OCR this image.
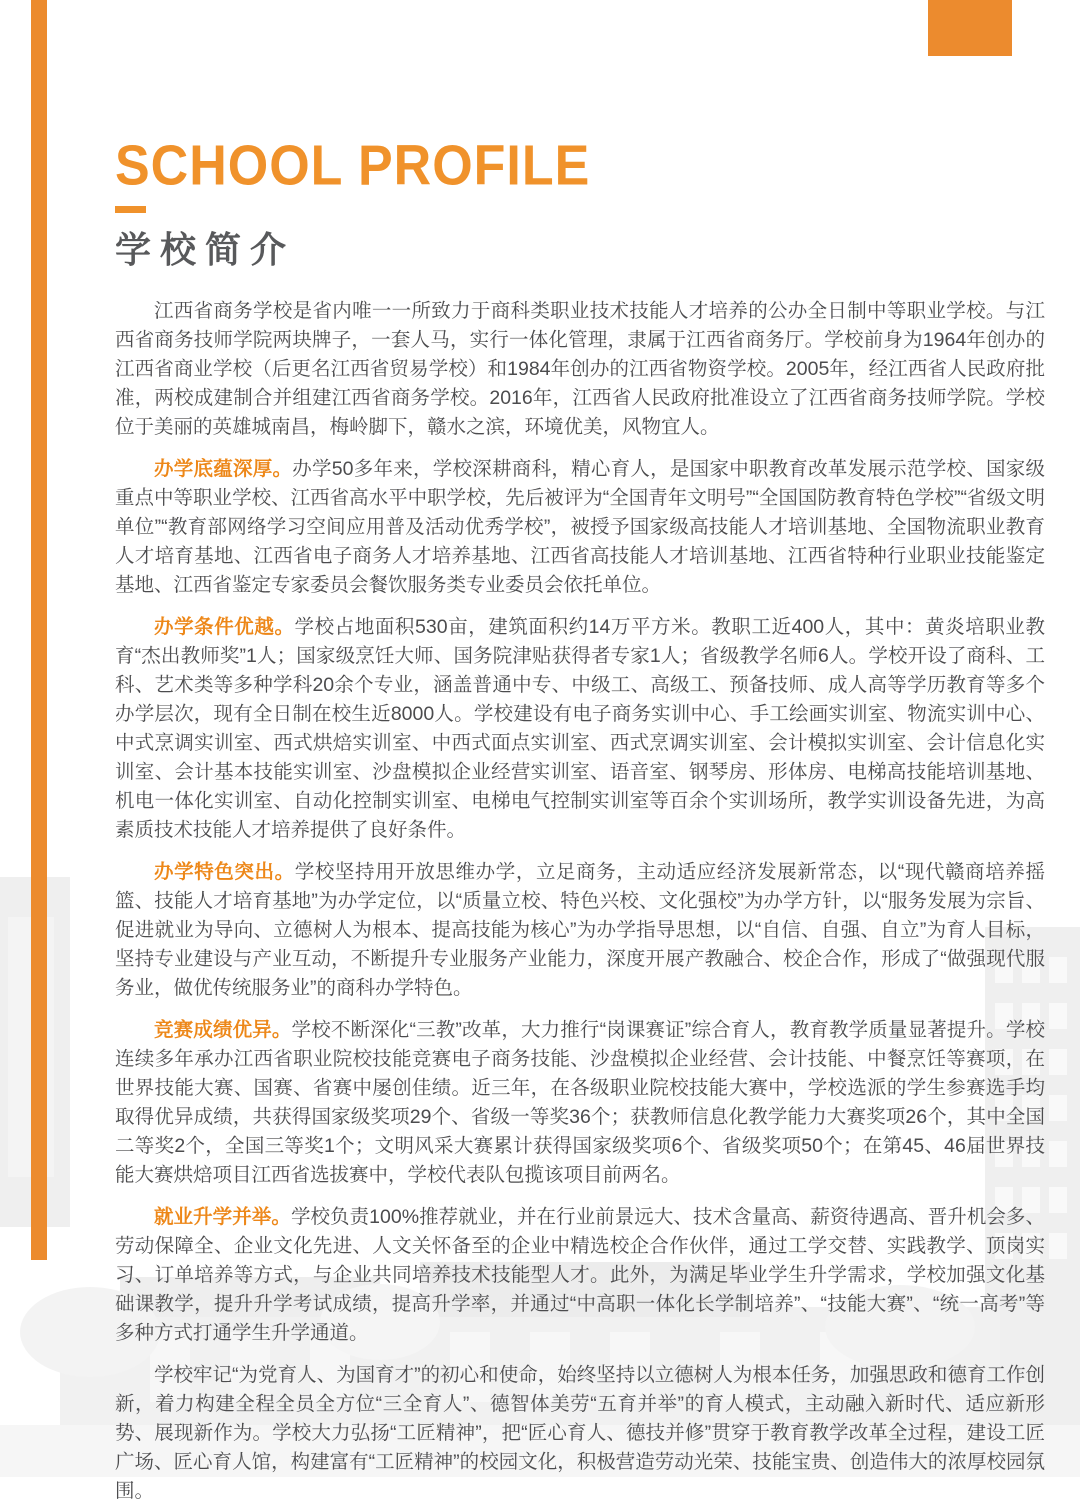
SCHOOL PROFILE
学校简介

江西省商务学校是省内唯一一所致力于商科类职业技术技能人才培养的公办全日制中等职业学校。与江西省商务技师学院两块牌子，一套人马，实行一体化管理，隶属于江西省商务厅。学校前身为1964年创办的江西省商业学校（后更名江西省贸易学校）和1984年创办的江西省物资学校。2005年，经江西省人民政府批准，两校成建制合并组建江西省商务学校。2016年，江西省人民政府批准设立了江西省商务技师学院。学校位于美丽的英雄城南昌，梅岭脚下，赣水之滨，环境优美，风物宜人。

办学底蕴深厚。办学50多年来，学校深耕商科，精心育人，是国家中职教育改革发展示范学校、国家级重点中等职业学校、江西省高水平中职学校，先后被评为“全国青年文明号”“全国国防教育特色学校”“省级文明单位”“教育部网络学习空间应用普及活动优秀学校”，被授予国家级高技能人才培训基地、全国物流职业教育人才培育基地、江西省电子商务人才培养基地、江西省高技能人才培训基地、江西省特种行业职业技能鉴定基地、江西省鉴定专家委员会餐饮服务类专业委员会依托单位。

办学条件优越。学校占地面积530亩，建筑面积约14万平方米。教职工近400人，其中：黄炎培职业教育“杰出教师奖”1人；国家级烹饪大师、国务院津贴获得者专家1人；省级教学名师6人。学校开设了商科、工科、艺术类等多种学科20余个专业，涵盖普通中专、中级工、高级工、预备技师、成人高等学历教育等多个办学层次，现有全日制在校生近8000人。学校建设有电子商务实训中心、手工绘画实训室、物流实训中心、中式烹调实训室、西式烘焙实训室、中西式面点实训室、西式烹调实训室、会计模拟实训室、会计信息化实训室、会计基本技能实训室、沙盘模拟企业经营实训室、语音室、钢琴房、形体房、电梯高技能培训基地、机电一体化实训室、自动化控制实训室、电梯电气控制实训室等百余个实训场所，教学实训设备先进，为高素质技术技能人才培养提供了良好条件。

办学特色突出。学校坚持用开放思维办学，立足商务，主动适应经济发展新常态，以“现代赣商培养摇篮、技能人才培育基地”为办学定位，以“质量立校、特色兴校、文化强校”为办学方针，以“服务发展为宗旨、促进就业为导向、立德树人为根本、提高技能为核心”为办学指导思想，以“自信、自强、自立”为育人目标，坚持专业建设与产业互动，不断提升专业服务产业能力，深度开展产教融合、校企合作，形成了“做强现代服务业，做优传统服务业”的商科办学特色。

竞赛成绩优异。学校不断深化“三教”改革，大力推行“岗课赛证”综合育人，教育教学质量显著提升。学校连续多年承办江西省职业院校技能竞赛电子商务技能、沙盘模拟企业经营、会计技能、中餐烹饪等赛项，在世界技能大赛、国赛、省赛中屡创佳绩。近三年，在各级职业院校技能大赛中，学校选派的学生参赛选手均取得优异成绩，共获得国家级奖项29个、省级一等奖36个；获教师信息化教学能力大赛奖项26个，其中全国二等奖2个，全国三等奖1个；文明风采大赛累计获得国家级奖项6个、省级奖项50个；在第45、46届世界技能大赛烘焙项目江西省选拔赛中，学校代表队包揽该项目前两名。

就业升学并举。学校负责100%推荐就业，并在行业前景远大、技术含量高、薪资待遇高、晋升机会多、劳动保障全、企业文化先进、人文关怀备至的企业中精选校企合作伙伴，通过工学交替、实践教学、顶岗实习、订单培养等方式，与企业共同培养技术技能型人才。此外，为满足毕业学生升学需求，学校加强文化基础课教学，提升升学考试成绩，提高升学率，并通过“中高职一体化长学制培养”、“技能大赛”、“统一高考”等多种方式打通学生升学通道。

学校牢记“为党育人、为国育才”的初心和使命，始终坚持以立德树人为根本任务，加强思政和德育工作创新，着力构建全程全员全方位“三全育人”、德智体美劳“五育并举”的育人模式，主动融入新时代、适应新形势、展现新作为。学校大力弘扬“工匠精神”，把“匠心育人、德技并修”贯穿于教育教学改革全过程，建设工匠广场、匠心育人馆，构建富有“工匠精神”的校园文化，积极营造劳动光荣、技能宝贵、创造伟大的浓厚校园氛围。
